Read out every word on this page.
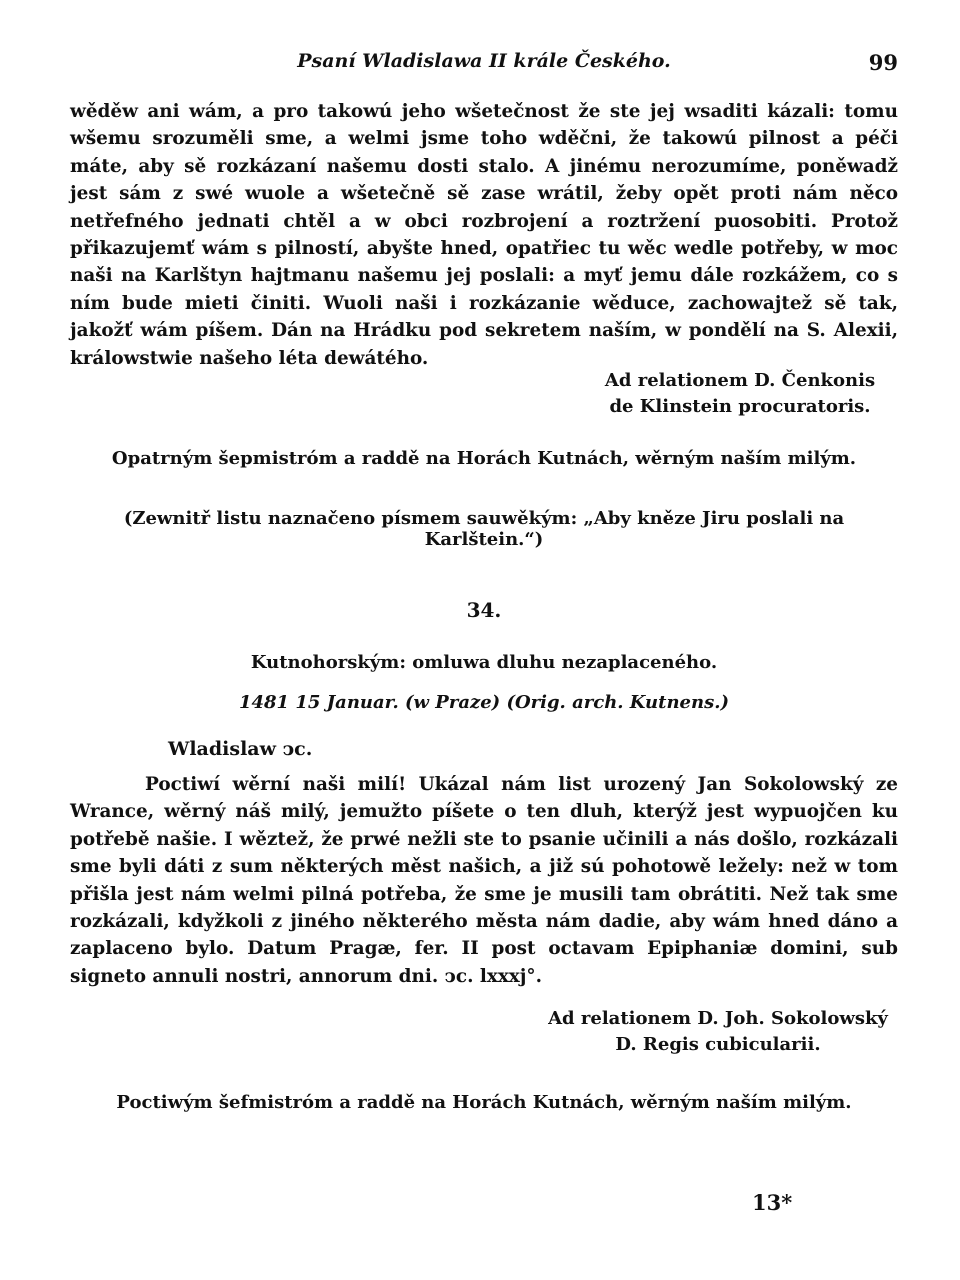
Psaní Wladislawa II krále Českého.	99

wěděw ani wám, a pro takowú jeho wšetečnost že ste jej wsaditi kázali: tomu wšemu srozuměli sme, a welmi jsme toho wděčni, že takowú pilnost a péči máte, aby sě rozkázaní našemu dosti stalo. A jinému nerozumíme, poněwadž jest sám z swé wuole a wšetečně sě zase wrátil, žeby opět proti nám něco netřefného jednati chtěl a w obci rozbrojení a roztržení puosobiti. Protož přikazujemť wám s pilností, abyšte hned, opatřiec tu wěc wedle potřeby, w moc naši na Karlštyn hajtmanu našemu jej poslali: a myť jemu dále rozkážem, co s ním bude mieti činiti. Wuoli naši i rozkázanie wěduce, zachowajtež sě tak, jakožť wám píšem. Dán na Hrádku pod sekretem naším, w pondělí na S. Alexii, králowstwie našeho léta dewátého.

Ad relationem D. Čenkonis
de Klinstein procuratoris.

Opatrným šepmistróm a raddě na Horách Kutnách, wěrným naším milým.

(Zewnitř listu naznačeno písmem sauwěkým: „Aby kněze Jiru poslali na Karlštein.“)

34.

Kutnohorským: omluwa dluhu nezaplaceného.

1481 15 Januar. (w Praze) (Orig. arch. Kutnens.)

Wladislaw ↄc.

Poctiwí wěrní naši milí! Ukázal nám list urozený Jan Sokolowský ze Wrance, wěrný náš milý, jemužto píšete o ten dluh, kterýž jest wypuojčen ku potřebě našie. I wěztež, že prwé nežli ste to psanie učinili a nás došlo, rozkázali sme byli dáti z sum některých měst našich, a již sú pohotowě ležely: než w tom přišla jest nám welmi pilná potřeba, že sme je musili tam obrátiti. Než tak sme rozkázali, kdyžkoli z jiného některého města nám dadie, aby wám hned dáno a zaplaceno bylo. Datum Pragæ, fer. II post octavam Epiphaniæ domini, sub signeto annuli nostri, annorum dni. ↄc. lxxxj°.

Ad relationem D. Joh. Sokolowský
D. Regis cubicularii.

Poctiwým šefmistróm a raddě na Horách Kutnách, wěrným naším milým.

13*
